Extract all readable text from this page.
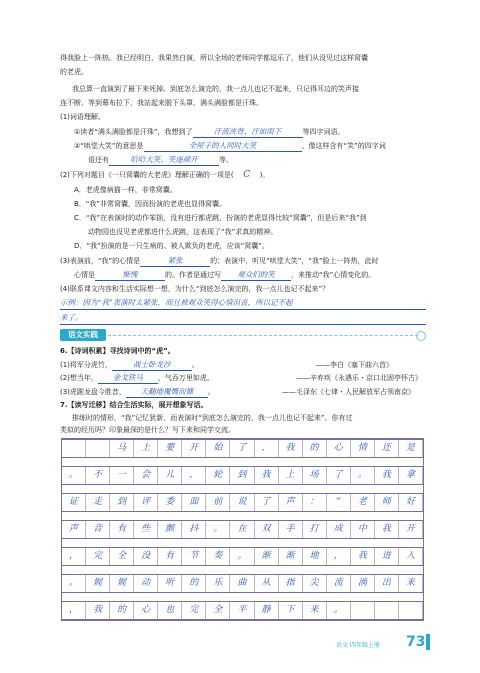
得我脸上一阵热。我已经明白，我果然白演，所以全场的老师同学都逗乐了，他们从没见过这样窝囊
的老虎。
我总算一直演到了最下来死掉。到底怎么演完的，我一点儿也记不起来，只记得耳边的笑声接
连不断。等到幕布拉下，我站起来脱下头罩，满头满脸都是汗珠。
(1)词语理解。
①读者“满头满脸都是汗珠”，我想到了	汗流浃背、汗如雨下	等四字词语。
②“哄堂大笑”的意思是	全屋子的人同时大笑	。像这样含有“笑”的四字词
语还有	哈哈大笑、笑逐颜开	等。
(2)下列对题目《一只窝囊的大老虎》理解正确的一项是( C )。
A．老虎像病猫一样，非常窝囊。
B．“我”非常窝囊，因而扮演的老虎也显得窝囊。
C．“我”在表演时的动作笨拙，没有进行都虎跳，扮演的老虎显得比较“窝囊”，但是后来“我”到
动物园也没见老虎都进什么虎跳，这表现了“我”求真的精神。
D．“我”扮演的是一只生病的、被人欺负的老虎，应该“窝囊”。
(3)表演前，“我”的心情是	紧张	的；表演中，听见“哄堂大笑”，“我”脸上一阵热，此时
心情是	惭愧	的。作者是通过写 观众们的笑 ，来推动“我”心情变化的。
(4)联系课文内容和生活实际想一想，为什么“到底怎么演完的，我一点儿也记不起来”？
示例：因为“我”表演时太紧张，而且被观众笑得心情沮丧，所以记不起
来了。
语文实践
6.【诗词积累】寻找诗词中的“虎”。
(1)将军分虎竹，	战士卧龙沙	。	——李白《塞下曲六首》
(2)想当年， 金戈铁马 ，气吞万里如虎。	——辛弃疾《永遇乐・京口北固亭怀古》
(3)虎踞龙盘今胜昔， 天翻地覆慨而慷 。	——毛泽东《七律・人民解放军占领南京》
7.【读写迁移】结合生活实际，展开想象写话。
排练时的情形，“我”记忆犹新，而表演时“到底怎么演完的，我一点儿也记不起来”。你有过
类似的经历吗？印象最深的是什么？写下来和同学交流。
马	上	要	开	始	了	，	我	的	心	情	还	是
。	不	一	会	儿	，	轮	到	我	上	场	了	。	我	拿
证	走	到	评	委	面	前	说	了	声	：	“	老	师	好
声	音	有	些	颤	抖	。	在	双	手	打	成	中	我	开
，	完	全	没	有	节	奏	。	渐	渐	地	，	我	进	入
。	娓	娓	动	听	的	乐	曲	从	指	尖	流	淌	出	来
，	我	的	心	也	完	全	平	静	下	来	。
语文 四年级上册 73
